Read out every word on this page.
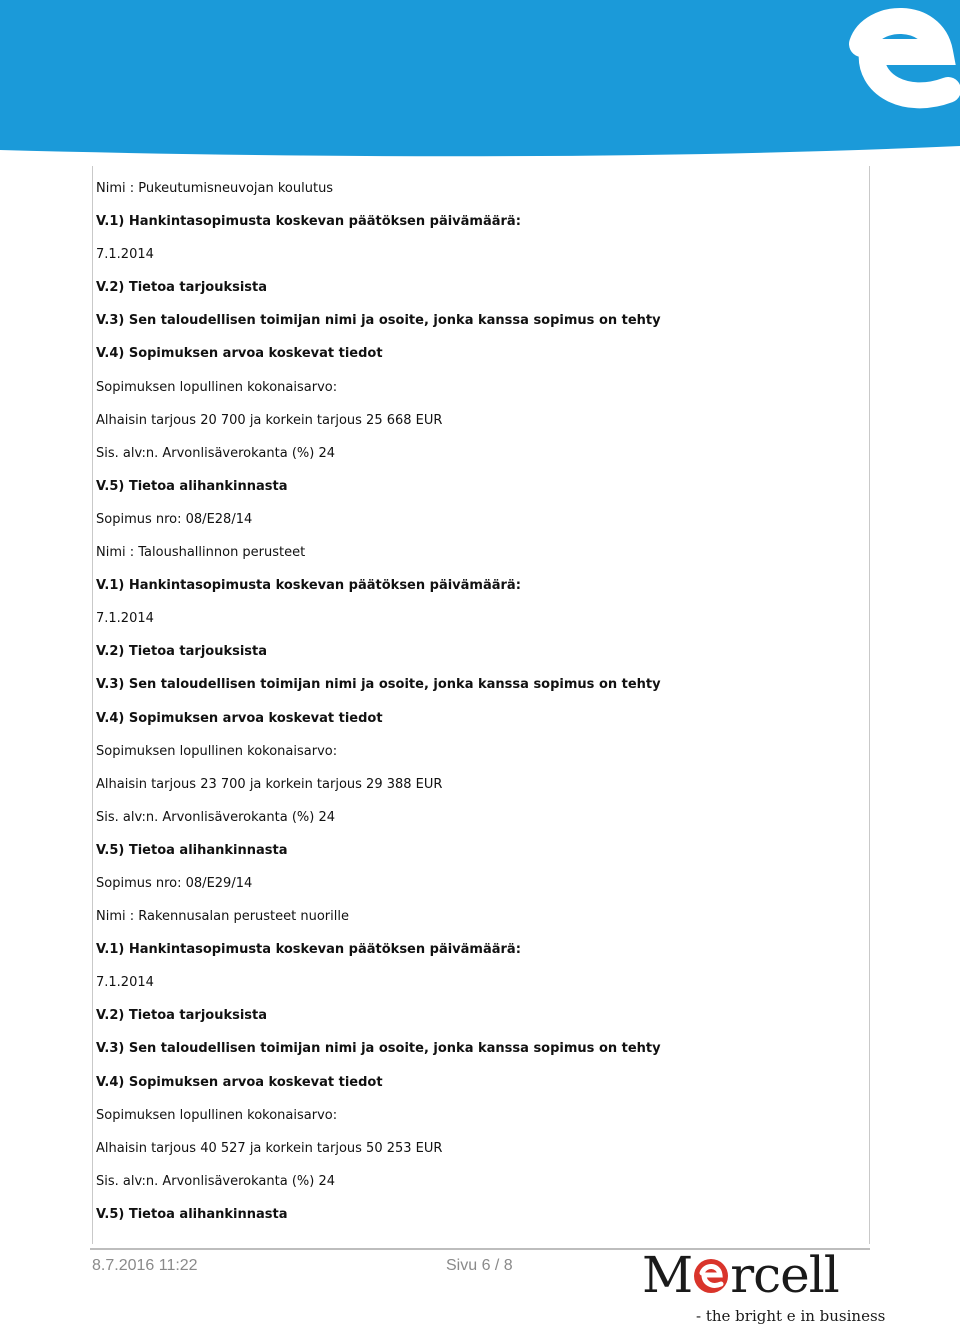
Nimi : Pukeutumisneuvojan koulutus
V.1) Hankintasopimusta koskevan päätöksen päivämäärä:
7.1.2014
V.2) Tietoa tarjouksista
V.3) Sen taloudellisen toimijan nimi ja osoite, jonka kanssa sopimus on tehty
V.4) Sopimuksen arvoa koskevat tiedot
Sopimuksen lopullinen kokonaisarvo:
Alhaisin tarjous 20 700 ja korkein tarjous 25 668 EUR
Sis. alv:n. Arvonlisäverokanta (%) 24
V.5) Tietoa alihankinnasta
Sopimus nro: 08/E28/14
Nimi : Taloushallinnon perusteet
V.1) Hankintasopimusta koskevan päätöksen päivämäärä:
7.1.2014
V.2) Tietoa tarjouksista
V.3) Sen taloudellisen toimijan nimi ja osoite, jonka kanssa sopimus on tehty
V.4) Sopimuksen arvoa koskevat tiedot
Sopimuksen lopullinen kokonaisarvo:
Alhaisin tarjous 23 700 ja korkein tarjous 29 388 EUR
Sis. alv:n. Arvonlisäverokanta (%) 24
V.5) Tietoa alihankinnasta
Sopimus nro: 08/E29/14
Nimi : Rakennusalan perusteet nuorille
V.1) Hankintasopimusta koskevan päätöksen päivämäärä:
7.1.2014
V.2) Tietoa tarjouksista
V.3) Sen taloudellisen toimijan nimi ja osoite, jonka kanssa sopimus on tehty
V.4) Sopimuksen arvoa koskevat tiedot
Sopimuksen lopullinen kokonaisarvo:
Alhaisin tarjous 40 527 ja korkein tarjous 50 253 EUR
Sis. alv:n. Arvonlisäverokanta (%) 24
V.5) Tietoa alihankinnasta
8.7.2016 11:22	Sivu 6 / 8	M rcell
- the bright e in business
